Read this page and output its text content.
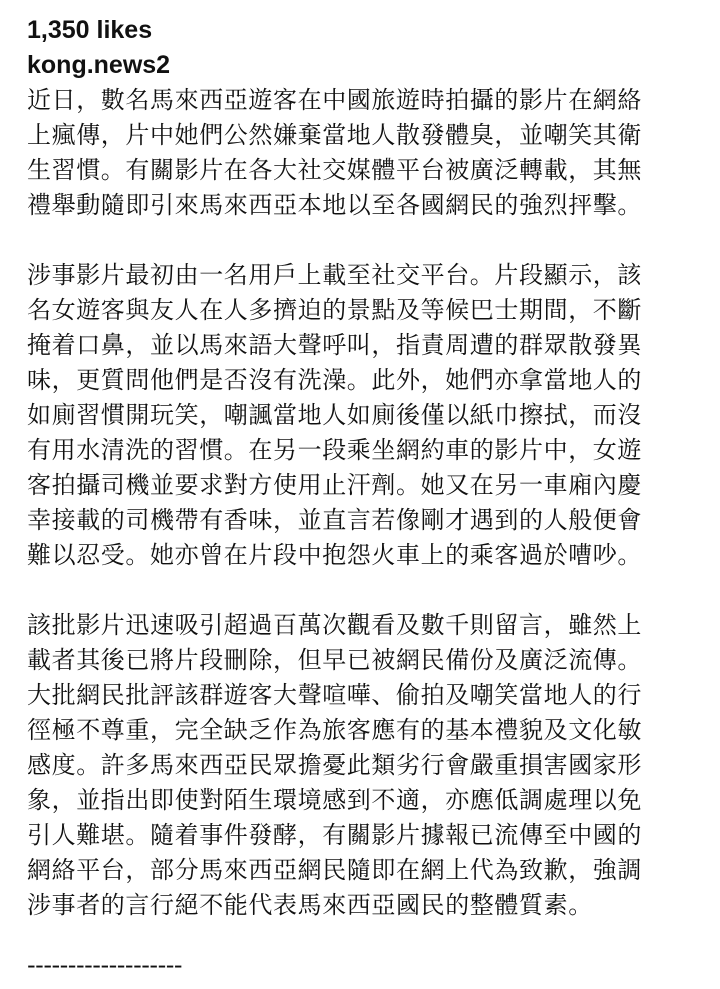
1,350 likes
kong.news2
近日，數名馬來西亞遊客在中國旅遊時拍攝的影片在網絡
上瘋傳，片中她們公然嫌棄當地人散發體臭，並嘲笑其衛
生習慣。有關影片在各大社交媒體平台被廣泛轉載，其無
禮舉動隨即引來馬來西亞本地以至各國網民的強烈抨擊。
涉事影片最初由一名用戶上載至社交平台。片段顯示，該
名女遊客與友人在人多擠迫的景點及等候巴士期間，不斷
掩着口鼻，並以馬來語大聲呼叫，指責周遭的群眾散發異
味，更質問他們是否沒有洗澡。此外，她們亦拿當地人的
如廁習慣開玩笑，嘲諷當地人如廁後僅以紙巾擦拭，而沒
有用水清洗的習慣。在另一段乘坐網約車的影片中，女遊
客拍攝司機並要求對方使用止汗劑。她又在另一車廂內慶
幸接載的司機帶有香味，並直言若像剛才遇到的人般便會
難以忍受。她亦曾在片段中抱怨火車上的乘客過於嘈吵。
該批影片迅速吸引超過百萬次觀看及數千則留言，雖然上
載者其後已將片段刪除，但早已被網民備份及廣泛流傳。
大批網民批評該群遊客大聲喧嘩、偷拍及嘲笑當地人的行
徑極不尊重，完全缺乏作為旅客應有的基本禮貌及文化敏
感度。許多馬來西亞民眾擔憂此類劣行會嚴重損害國家形
象，並指出即使對陌生環境感到不適，亦應低調處理以免
引人難堪。隨着事件發酵，有關影片據報已流傳至中國的
網絡平台，部分馬來西亞網民隨即在網上代為致歉，強調
涉事者的言行絕不能代表馬來西亞國民的整體質素。
-------------------
